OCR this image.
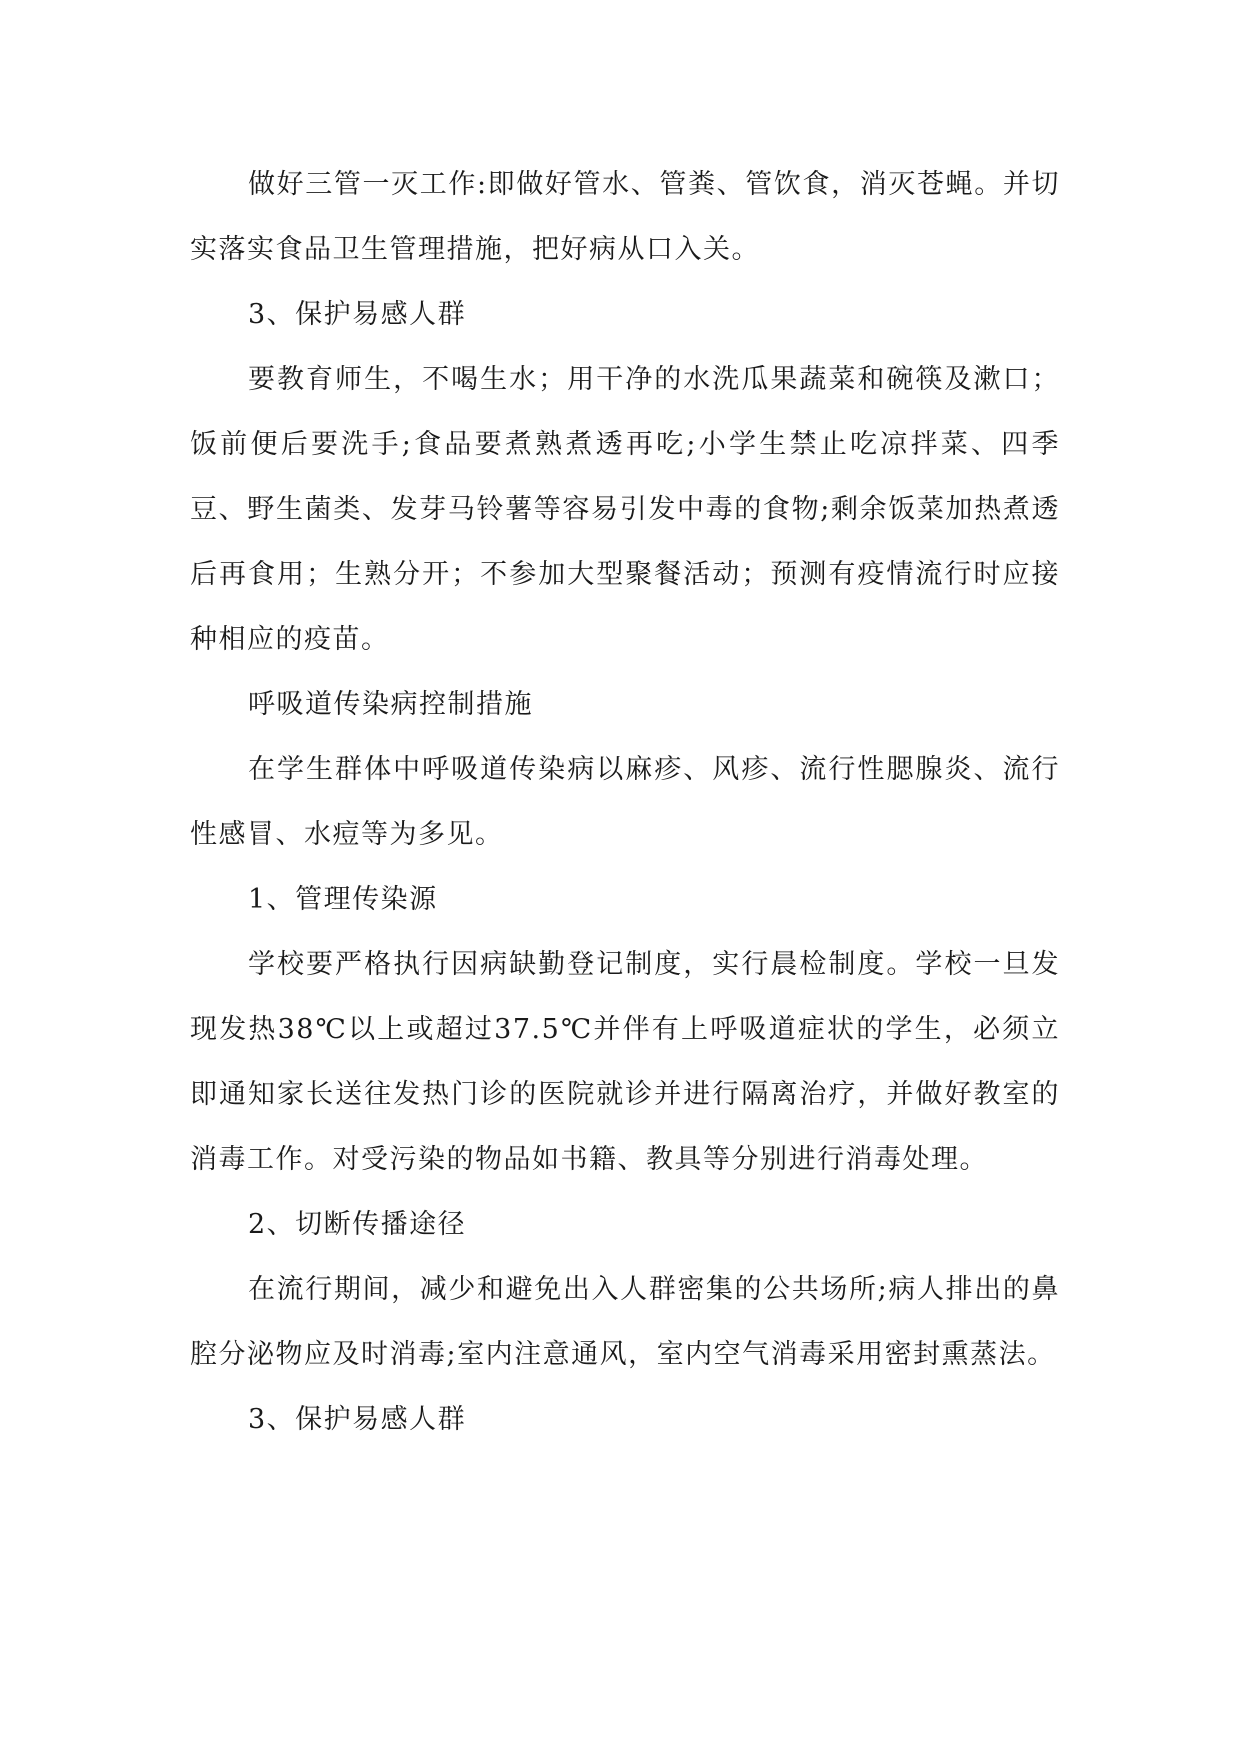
做好三管一灭工作:即做好管水、管粪、管饮食，消灭苍蝇。并切实落实食品卫生管理措施，把好病从口入关。

3、保护易感人群

要教育师生，不喝生水；用干净的水洗瓜果蔬菜和碗筷及漱口；饭前便后要洗手;食品要煮熟煮透再吃;小学生禁止吃凉拌菜、四季豆、野生菌类、发芽马铃薯等容易引发中毒的食物;剩余饭菜加热煮透后再食用；生熟分开；不参加大型聚餐活动；预测有疫情流行时应接种相应的疫苗。

呼吸道传染病控制措施

在学生群体中呼吸道传染病以麻疹、风疹、流行性腮腺炎、流行性感冒、水痘等为多见。

1、管理传染源

学校要严格执行因病缺勤登记制度，实行晨检制度。学校一旦发现发热38℃以上或超过37.5℃并伴有上呼吸道症状的学生，必须立即通知家长送往发热门诊的医院就诊并进行隔离治疗，并做好教室的消毒工作。对受污染的物品如书籍、教具等分别进行消毒处理。

2、切断传播途径

在流行期间，减少和避免出入人群密集的公共场所;病人排出的鼻腔分泌物应及时消毒;室内注意通风，室内空气消毒采用密封熏蒸法。

3、保护易感人群
